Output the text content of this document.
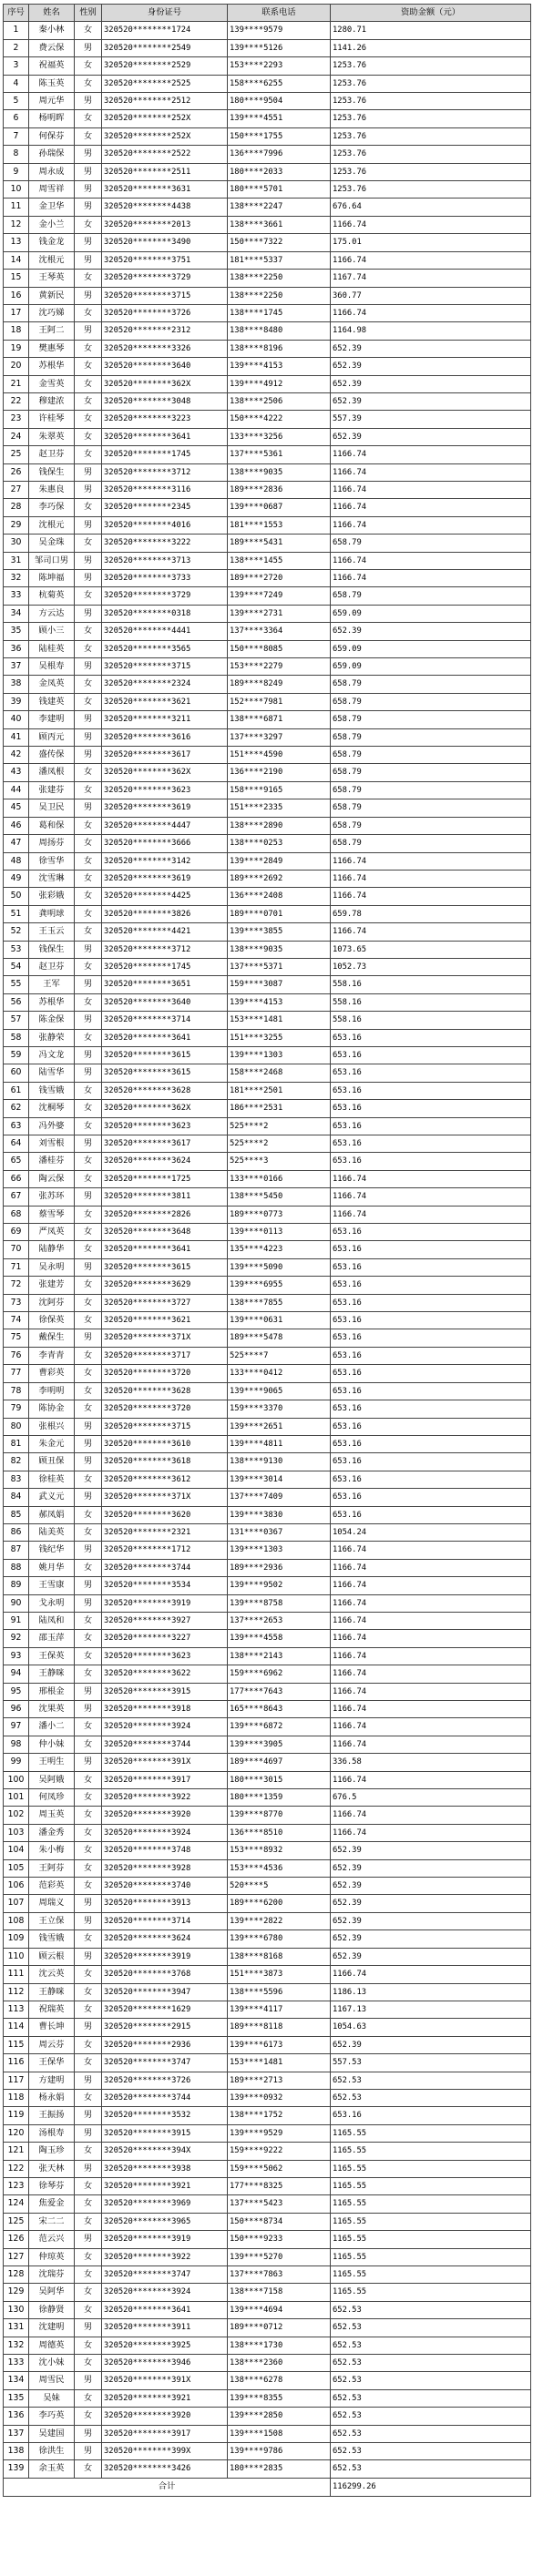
序号	姓名	性别	身份证号	联系电话	资助金额（元）
1	秦小林	女	320520********1724	139****9579	1280.71
2	费云保	男	320520********2549	139****5126	1141.26
3	祝福英	女	320520********2529	153****2293	1253.76
4	陈玉英	女	320520********2525	158****6255	1253.76
5	周元华	男	320520********2512	180****9504	1253.76
6	杨明晖	女	320520********252X	139****4551	1253.76
7	何保芬	女	320520********252X	150****1755	1253.76
8	孙瑞保	男	320520********2522	136****7996	1253.76
9	周永成	男	320520********2511	180****2033	1253.76
10	周雪祥	男	320520********3631	180****5701	1253.76
11	金卫华	男	320520********4438	138****2247	676.64
12	金小兰	女	320520********2013	138****3661	1166.74
13	钱金龙	男	320520********3490	150****7322	175.01
14	沈根元	男	320520********3751	181****5337	1166.74
15	王琴英	女	320520********3729	138****2250	1167.74
16	黄新民	男	320520********3715	138****2250	360.77
17	沈巧娣	女	320520********3726	138****1745	1166.74
18	王阿二	男	320520********2312	138****8480	1164.98
19	樊惠琴	女	320520********3326	138****8196	652.39
20	苏根华	女	320520********3640	139****4153	652.39
21	金雪英	女	320520********362X	139****4912	652.39
22	穆建浓	女	320520********3048	138****2506	652.39
23	许桂琴	女	320520********3223	150****4222	557.39
24	朱翠英	女	320520********3641	133****3256	652.39
25	赵卫芬	女	320520********1745	137****5361	1166.74
26	钱保生	男	320520********3712	138****9035	1166.74
27	朱惠良	男	320520********3116	189****2836	1166.74
28	李巧保	女	320520********2345	139****0687	1166.74
29	沈根元	男	320520********4016	181****1553	1166.74
30	吴金珠	女	320520********3222	189****5431	658.79
31	邹司口男	男	320520********3713	138****1455	1166.74
32	陈坤福	男	320520********3733	189****2720	1166.74
33	杭菊英	女	320520********3729	139****7249	658.79
34	方云达	男	320520********0318	139****2731	659.09
35	顾小三	女	320520********4441	137****3364	652.39
36	陆桂英	女	320520********3565	150****8085	659.09
37	吴根寿	男	320520********3715	153****2279	659.09
38	金凤英	女	320520********2324	189****8249	658.79
39	钱建英	女	320520********3621	152****7981	658.79
40	李建明	男	320520********3211	138****6871	658.79
41	顾丙元	男	320520********3616	137****3297	658.79
42	盛传保	男	320520********3617	151****4590	658.79
43	潘凤根	女	320520********362X	136****2190	658.79
44	张建芬	女	320520********3623	158****9165	658.79
45	吴卫民	男	320520********3619	151****2335	658.79
46	葛和保	女	320520********4447	138****2890	658.79
47	周扬芬	女	320520********3666	138****0253	658.79
48	徐雪华	女	320520********3142	139****2849	1166.74
49	沈雪琳	女	320520********3619	189****2692	1166.74
50	张彩娥	女	320520********4425	136****2408	1166.74
51	龚明球	女	320520********3826	189****0701	659.78
52	王玉云	女	320520********4421	139****3855	1166.74
53	钱保生	男	320520********3712	138****9035	1073.65
54	赵卫芬	女	320520********1745	137****5371	1052.73
55	王军	男	320520********3651	159****3087	558.16
56	苏根华	女	320520********3640	139****4153	558.16
57	陈金保	男	320520********3714	153****1481	558.16
58	张静荣	女	320520********3641	151****3255	653.16
59	冯文龙	男	320520********3615	139****1303	653.16
60	陆雪华	男	320520********3615	158****2468	653.16
61	钱雪娥	女	320520********3628	181****2501	653.16
62	沈桐琴	女	320520********362X	186****2531	653.16
63	冯外婆	女	320520********3623	525****2	653.16
64	刘雪根	男	320520********3617	525****2	653.16
65	潘桂芬	女	320520********3624	525****3	653.16
66	陶云保	女	320520********1725	133****0166	1166.74
67	张苏环	男	320520********3811	138****5450	1166.74
68	蔡雪琴	女	320520********2826	189****0773	1166.74
69	严凤英	女	320520********3648	139****0113	653.16
70	陆静华	女	320520********3641	135****4223	653.16
71	吴永明	男	320520********3615	139****5090	653.16
72	张建芳	女	320520********3629	139****6955	653.16
73	沈阿芬	女	320520********3727	138****7855	653.16
74	徐保英	女	320520********3621	139****0631	653.16
75	戴保生	男	320520********371X	189****5478	653.16
76	李青青	女	320520********3717	525****7	653.16
77	曹彩英	女	320520********3720	133****0412	653.16
78	李明明	女	320520********3628	139****9065	653.16
79	陈协金	女	320520********3720	159****3370	653.16
80	张根兴	男	320520********3715	139****2651	653.16
81	朱金元	男	320520********3610	139****4811	653.16
82	顾丑保	男	320520********3618	138****9130	653.16
83	徐桂英	女	320520********3612	139****3014	653.16
84	武义元	男	320520********371X	137****7409	653.16
85	郝凤娟	女	320520********3620	139****3830	653.16
86	陆美英	女	320520********2321	131****0367	1054.24
87	钱纪华	男	320520********1712	139****1303	1166.74
88	姚月华	女	320520********3744	189****2936	1166.74
89	王雪康	男	320520********3534	139****9502	1166.74
90	戈永明	男	320520********3919	139****8758	1166.74
91	陆凤和	女	320520********3927	137****2653	1166.74
92	邵玉萍	女	320520********3227	139****4558	1166.74
93	王保英	女	320520********3623	138****2143	1166.74
94	王静咪	女	320520********3622	159****6962	1166.74
95	邢根金	男	320520********3915	177****7643	1166.74
96	沈果英	男	320520********3918	165****8643	1166.74
97	潘小二	女	320520********3924	139****6872	1166.74
98	仲小妹	女	320520********3744	139****3905	1166.74
99	王明生	男	320520********391X	189****4697	336.58
100	吴阿娥	女	320520********3917	180****3015	1166.74
101	何凤珍	女	320520********3922	180****1359	676.5
102	周玉英	女	320520********3920	139****8770	1166.74
103	潘金秀	女	320520********3924	136****8510	1166.74
104	朱小梅	女	320520********3748	153****8932	652.39
105	王阿芬	女	320520********3928	153****4536	652.39
106	范彩英	女	320520********3740	520****5	652.39
107	周瑞义	男	320520********3913	189****6200	652.39
108	王立保	男	320520********3714	139****2822	652.39
109	钱雪娥	女	320520********3624	139****6780	652.39
110	顾云根	男	320520********3919	138****8168	652.39
111	沈云英	女	320520********3768	151****3873	1166.74
112	王静咪	女	320520********3947	138****5596	1186.13
113	祝瑞英	女	320520********1629	139****4117	1167.13
114	曹长坤	男	320520********2915	189****8118	1054.63
115	周云芬	女	320520********2936	139****6173	652.39
116	王保华	女	320520********3747	153****1481	557.53
117	方建明	男	320520********3726	189****2713	652.53
118	杨永娟	女	320520********3744	139****0932	652.53
119	王振扬	男	320520********3532	138****1752	653.16
120	汤根寿	男	320520********3915	139****9529	1165.55
121	陶玉珍	女	320520********394X	159****9222	1165.55
122	张天林	男	320520********3938	159****5062	1165.55
123	徐琴芬	女	320520********3921	177****8325	1165.55
124	焦爱金	女	320520********3969	137****5423	1165.55
125	宋二二	女	320520********3965	150****8734	1165.55
126	范云兴	男	320520********3919	150****9233	1165.55
127	仲琼英	女	320520********3922	139****5270	1165.55
128	沈瑞芬	女	320520********3747	137****7863	1165.55
129	吴阿华	女	320520********3924	138****7158	1165.55
130	徐静贤	女	320520********3641	139****4694	652.53
131	沈建明	男	320520********3911	189****0712	652.53
132	周德英	女	320520********3925	138****1730	652.53
133	沈小妹	女	320520********3946	138****2360	652.53
134	周雪民	男	320520********391X	138****6278	652.53
135	吴妹	女	320520********3921	139****8355	652.53
136	李巧英	女	320520********3920	139****2850	652.53
137	吴建国	男	320520********3917	139****1508	652.53
138	徐洪生	男	320520********399X	139****9786	652.53
139	余玉英	女	320520********3426	180****2835	652.53
合计					116299.26
